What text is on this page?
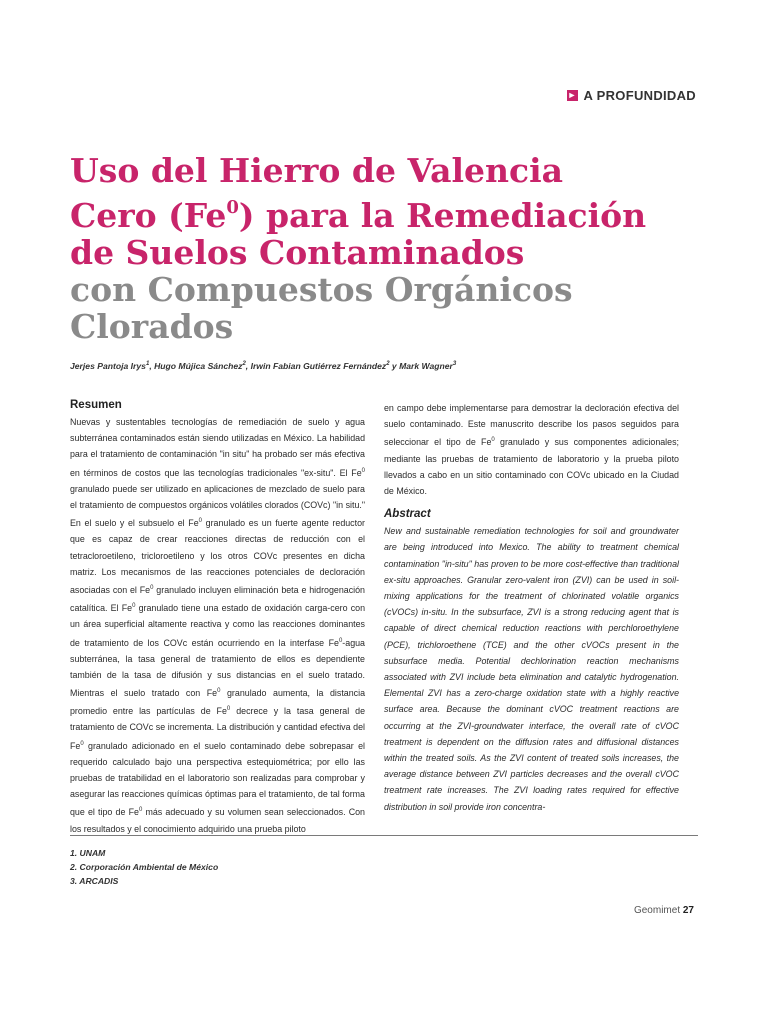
► A PROFUNDIDAD
Uso del Hierro de Valencia
Cero (Fe$^0$) para la Remediación
de Suelos Contaminados
con Compuestos Orgánicos
Clorados
Jerjes Pantoja Irys$^1$, Hugo Mújica Sánchez$^2$, Irwin Fabian Gutiérrez Fernández$^2$ y Mark Wagner$^3$
Resumen

Nuevas y sustentables tecnologías de remediación de suelo y agua subterránea contaminados están siendo utilizadas en México. La habilidad para el tratamiento de contaminación "in situ" ha probado ser más efectiva en términos de costos que las tecnologías tradicionales "ex-situ". El Fe$^0$ granulado puede ser utilizado en aplicaciones de mezclado de suelo para el tratamiento de compuestos orgánicos volátiles clorados (COVc) "in situ." En el suelo y el subsuelo el Fe$^0$ granulado es un fuerte agente reductor que es capaz de crear reacciones directas de reducción con el tetracloroetileno, tricloroetileno y los otros COVc presentes en dicha matriz. Los mecanismos de las reacciones potenciales de decloración asociadas con el Fe$^0$ granulado incluyen eliminación beta e hidrogenación catalítica. El Fe$^0$ granulado tiene una estado de oxidación carga-cero con un área superficial altamente reactiva y como las reacciones dominantes de tratamiento de los COVc están ocurriendo en la interfase Fe$^0$-agua subterránea, la tasa general de tratamiento de ellos es dependiente también de la tasa de difusión y sus distancias en el suelo tratado. Mientras el suelo tratado con Fe$^0$ granulado aumenta, la distancia promedio entre las partículas de Fe$^0$ decrece y la tasa general de tratamiento de COVc se incrementa. La distribución y cantidad efectiva del Fe$^0$ granulado adicionado en el suelo contaminado debe sobrepasar el requerido calculado bajo una perspectiva estequiométrica; por ello las pruebas de tratabilidad en el laboratorio son realizadas para comprobar y asegurar las reacciones químicas óptimas para el tratamiento, de tal forma que el tipo de Fe$^0$ más adecuado y su volumen sean seleccionados. Con los resultados y el conocimiento adquirido una prueba piloto

en campo debe implementarse para demostrar la decloración efectiva del suelo contaminado. Este manuscrito describe los pasos seguidos para seleccionar el tipo de Fe$^0$ granulado y sus componentes adicionales; mediante las pruebas de tratamiento de laboratorio y la prueba piloto llevados a cabo en un sitio contaminado con COVc ubicado en la Ciudad de México.

Abstract

New and sustainable remediation technologies for soil and groundwater are being introduced into Mexico. The ability to treatment chemical contamination "in-situ" has proven to be more cost-effective than traditional ex-situ approaches. Granular zero-valent iron (ZVI) can be used in soil-mixing applications for the treatment of chlorinated volatile organics (cVOCs) in-situ. In the subsurface, ZVI is a strong reducing agent that is capable of direct chemical reduction reactions with perchloroethylene (PCE), trichloroethene (TCE) and the other cVOCs present in the subsurface media. Potential dechlorination reaction mechanisms associated with ZVI include beta elimination and catalytic hydrogenation. Elemental ZVI has a zero-charge oxidation state with a highly reactive surface area. Because the dominant cVOC treatment reactions are occurring at the ZVI-groundwater interface, the overall rate of cVOC treatment is dependent on the diffusion rates and diffusional distances within the treated soils. As the ZVI content of treated soils increases, the average distance between ZVI particles decreases and the overall cVOC treatment rate increases. The ZVI loading rates required for effective distribution in soil provide iron concentra-

1. UNAM
2. Corporación Ambiental de México
3. ARCADIS
Geomimet 27
